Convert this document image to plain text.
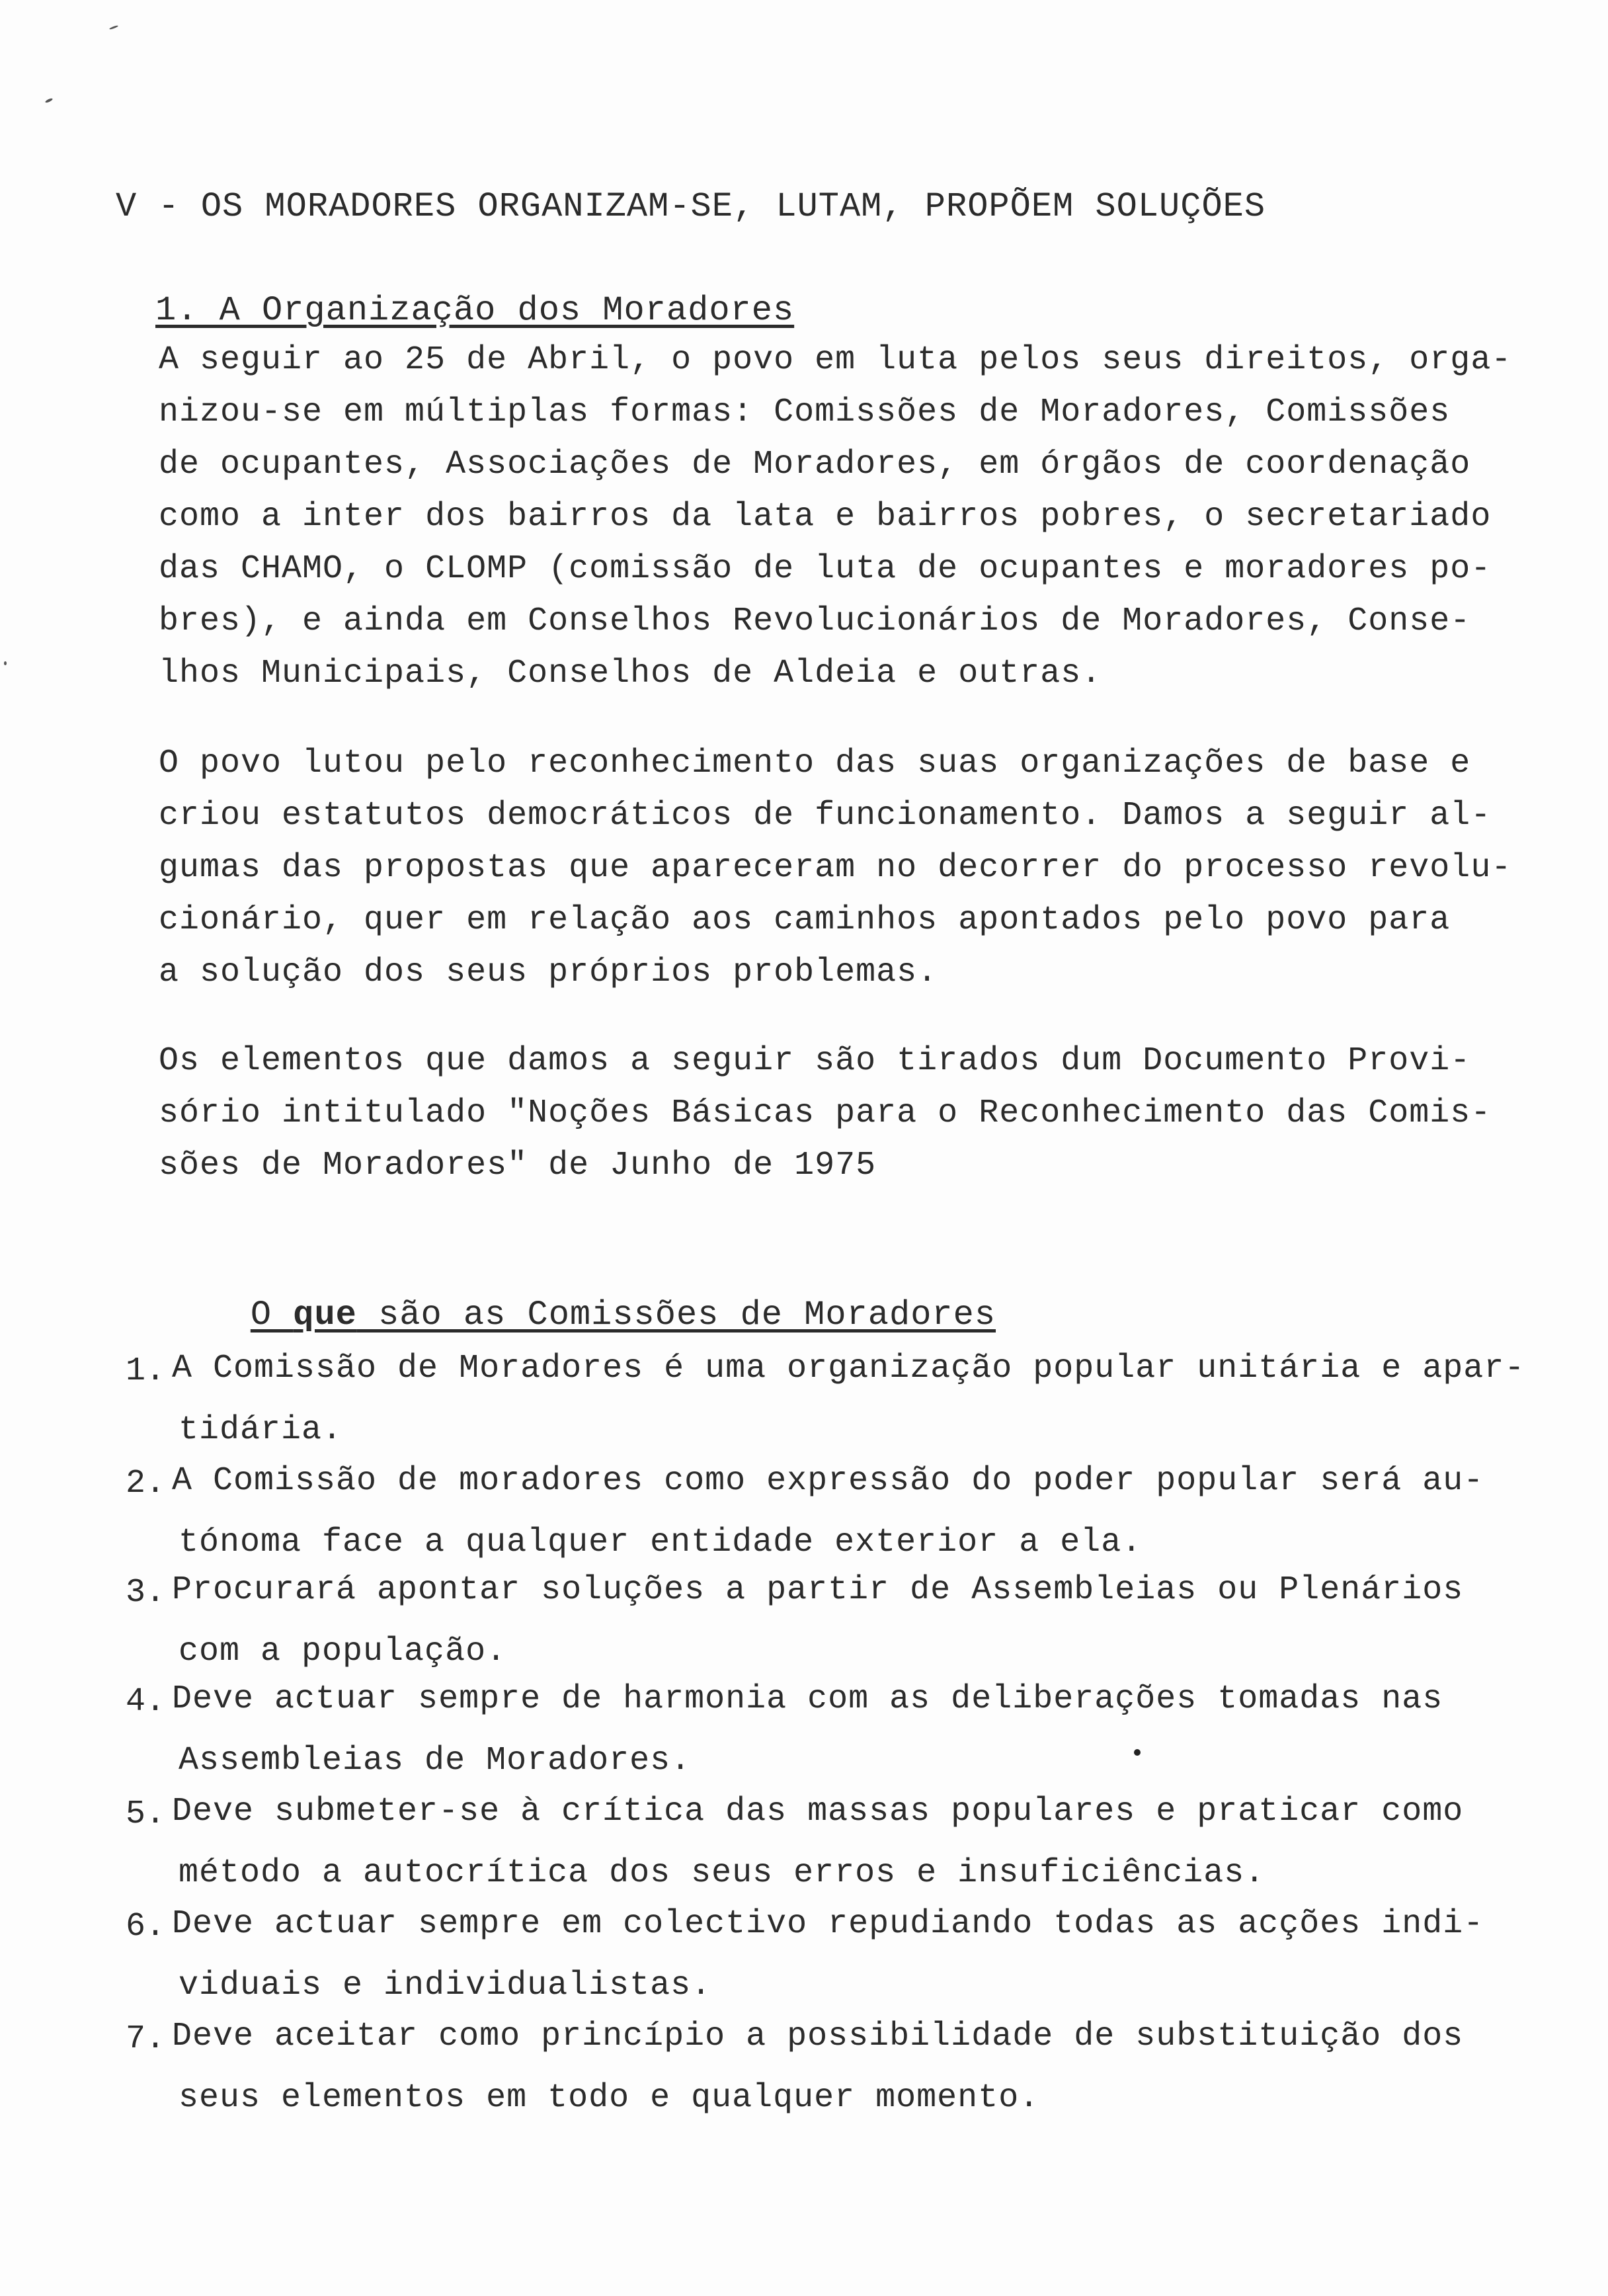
V - OS MORADORES ORGANIZAM-SE, LUTAM, PROPÕEM SOLUÇÕES
1. A Organização dos Moradores
A seguir ao 25 de Abril, o povo em luta pelos seus direitos, orga-
nizou-se em múltiplas formas: Comissões de Moradores, Comissões
de ocupantes, Associações de Moradores, em órgãos de coordenação
como a inter dos bairros da lata e bairros pobres, o secretariado
das CHAMO, o CLOMP (comissão de luta de ocupantes e moradores po-
bres), e ainda em Conselhos Revolucionários de Moradores, Conse-
lhos Municipais, Conselhos de Aldeia e outras.
O povo lutou pelo reconhecimento das suas organizações de base e
criou estatutos democráticos de funcionamento. Damos a seguir al-
gumas das propostas que apareceram no decorrer do processo revolu-
cionário, quer em relação aos caminhos apontados pelo povo para
a solução dos seus próprios problemas.
Os elementos que damos a seguir são tirados dum Documento Provi-
sório intitulado "Noções Básicas para o Reconhecimento das Comis-
sões de Moradores" de Junho de 1975

O que são as Comissões de Moradores

1. A Comissão de Moradores é uma organização popular unitária e apar-
tidária.
2. A Comissão de moradores como expressão do poder popular será au-
tónoma face a qualquer entidade exterior a ela.
3. Procurará apontar soluções a partir de Assembleias ou Plenários
com a população.
4. Deve actuar sempre de harmonia com as deliberações tomadas nas
Assembleias de Moradores.
5. Deve submeter-se à crítica das massas populares e praticar como
método a autocrítica dos seus erros e insuficiências.
6. Deve actuar sempre em colectivo repudiando todas as acções indi-
viduais e individualistas.
7. Deve aceitar como princípio a possibilidade de substituição dos
seus elementos em todo e qualquer momento.
